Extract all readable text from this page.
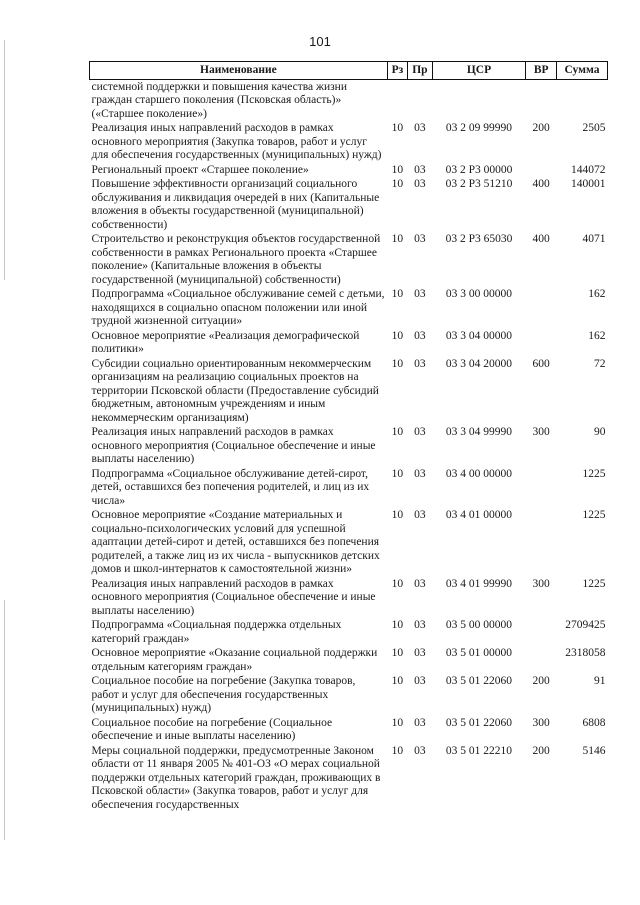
101
Наименование	Рз	Пр	ЦСР	ВР	Сумма
системной поддержки и повышения качества жизни граждан старшего поколения (Псковская область)» («Старшее поколение»)					
Реализация иных направлений расходов в рамках основного мероприятия (Закупка товаров, работ и услуг для обеспечения государственных (муниципальных) нужд)	10	03	03 2 09 99990	200	2505
Региональный проект «Старшее поколение»	10	03	03 2 Р3 00000		144072
Повышение эффективности организаций социального обслуживания и ликвидация очередей в них (Капитальные вложения в объекты государственной (муниципальной) собственности)	10	03	03 2 Р3 51210	400	140001
Строительство и реконструкция объектов государственной собственности в рамках Регионального проекта «Старшее поколение» (Капитальные вложения в объекты государственной (муниципальной) собственности)	10	03	03 2 Р3 65030	400	4071
Подпрограмма «Социальное обслуживание семей с детьми, находящихся в социально опасном положении или иной трудной жизненной ситуации»	10	03	03 3 00 00000		162
Основное мероприятие «Реализация демографической политики»	10	03	03 3 04 00000		162
Субсидии социально ориентированным некоммерческим организациям на реализацию социальных проектов на территории Псковской области (Предоставление субсидий бюджетным, автономным учреждениям и иным некоммерческим организациям)	10	03	03 3 04 20000	600	72
Реализация иных направлений расходов в рамках основного мероприятия (Социальное обеспечение и иные выплаты населению)	10	03	03 3 04 99990	300	90
Подпрограмма «Социальное обслуживание детей-сирот, детей, оставшихся без попечения родителей, и лиц из их числа»	10	03	03 4 00 00000		1225
Основное мероприятие «Создание материальных и социально-психологических условий для успешной адаптации детей-сирот и детей, оставшихся без попечения родителей, а также лиц из их числа - выпускников детских домов и школ-интернатов к самостоятельной жизни»	10	03	03 4 01 00000		1225
Реализация иных направлений расходов в рамках основного мероприятия (Социальное обеспечение и иные выплаты населению)	10	03	03 4 01 99990	300	1225
Подпрограмма «Социальная поддержка отдельных категорий граждан»	10	03	03 5 00 00000		2709425
Основное мероприятие «Оказание социальной поддержки отдельным категориям граждан»	10	03	03 5 01 00000		2318058
Социальное пособие на погребение (Закупка товаров, работ и услуг для обеспечения государственных (муниципальных) нужд)	10	03	03 5 01 22060	200	91
Социальное пособие на погребение (Социальное обеспечение и иные выплаты населению)	10	03	03 5 01 22060	300	6808
Меры социальной поддержки, предусмотренные Законом области от 11 января 2005 № 401-ОЗ «О мерах социальной поддержки отдельных категорий граждан, проживающих в Псковской области» (Закупка товаров, работ и услуг для обеспечения государственных	10	03	03 5 01 22210	200	5146
